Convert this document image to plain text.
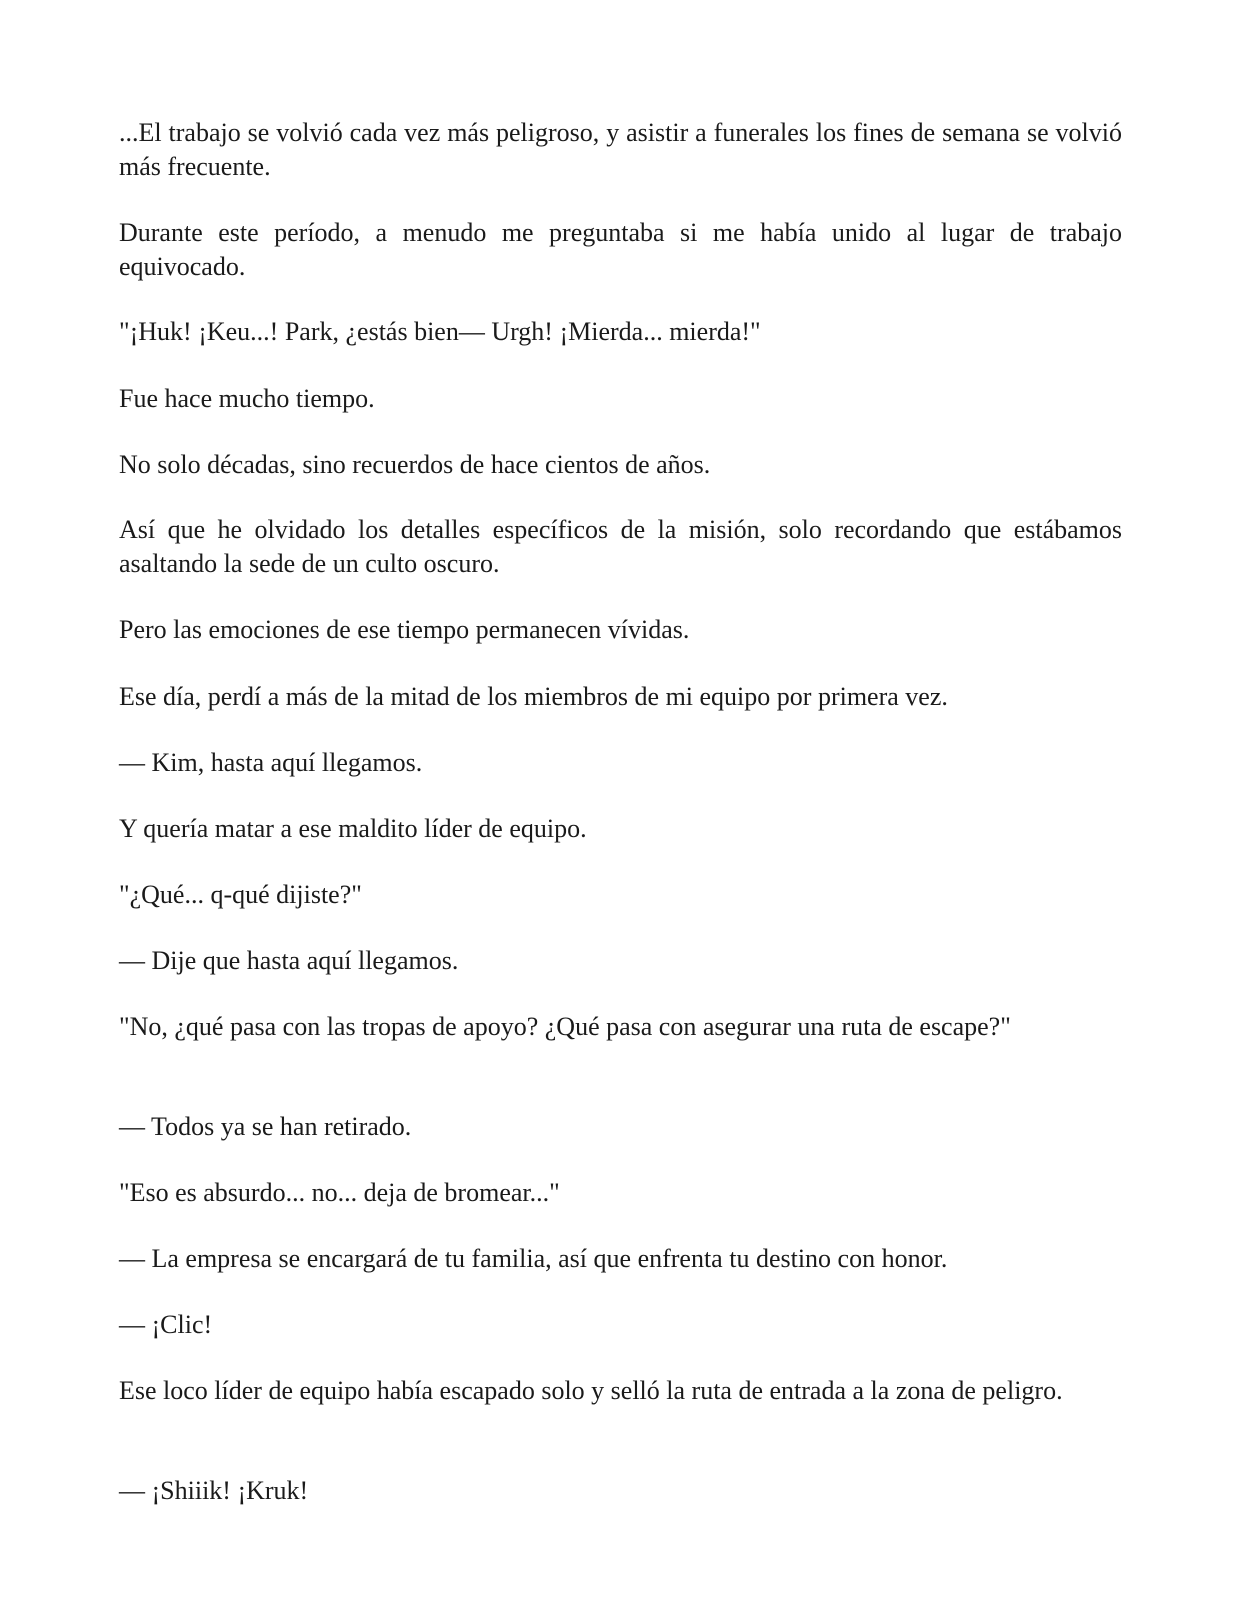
...El trabajo se volvió cada vez más peligroso, y asistir a funerales los fines de semana se volvió más frecuente.

Durante este período, a menudo me preguntaba si me había unido al lugar de trabajo equivocado.

"¡Huk! ¡Keu...! Park, ¿estás bien— Urgh! ¡Mierda... mierda!"

Fue hace mucho tiempo.

No solo décadas, sino recuerdos de hace cientos de años.

Así que he olvidado los detalles específicos de la misión, solo recordando que estábamos asaltando la sede de un culto oscuro.

Pero las emociones de ese tiempo permanecen vívidas.

Ese día, perdí a más de la mitad de los miembros de mi equipo por primera vez.

— Kim, hasta aquí llegamos.

Y quería matar a ese maldito líder de equipo.

"¿Qué... q-qué dijiste?"

— Dije que hasta aquí llegamos.

"No, ¿qué pasa con las tropas de apoyo? ¿Qué pasa con asegurar una ruta de escape?"

— Todos ya se han retirado.

"Eso es absurdo... no... deja de bromear..."

— La empresa se encargará de tu familia, así que enfrenta tu destino con honor.

— ¡Clic!

Ese loco líder de equipo había escapado solo y selló la ruta de entrada a la zona de peligro.

— ¡Shiiik! ¡Kruk!
